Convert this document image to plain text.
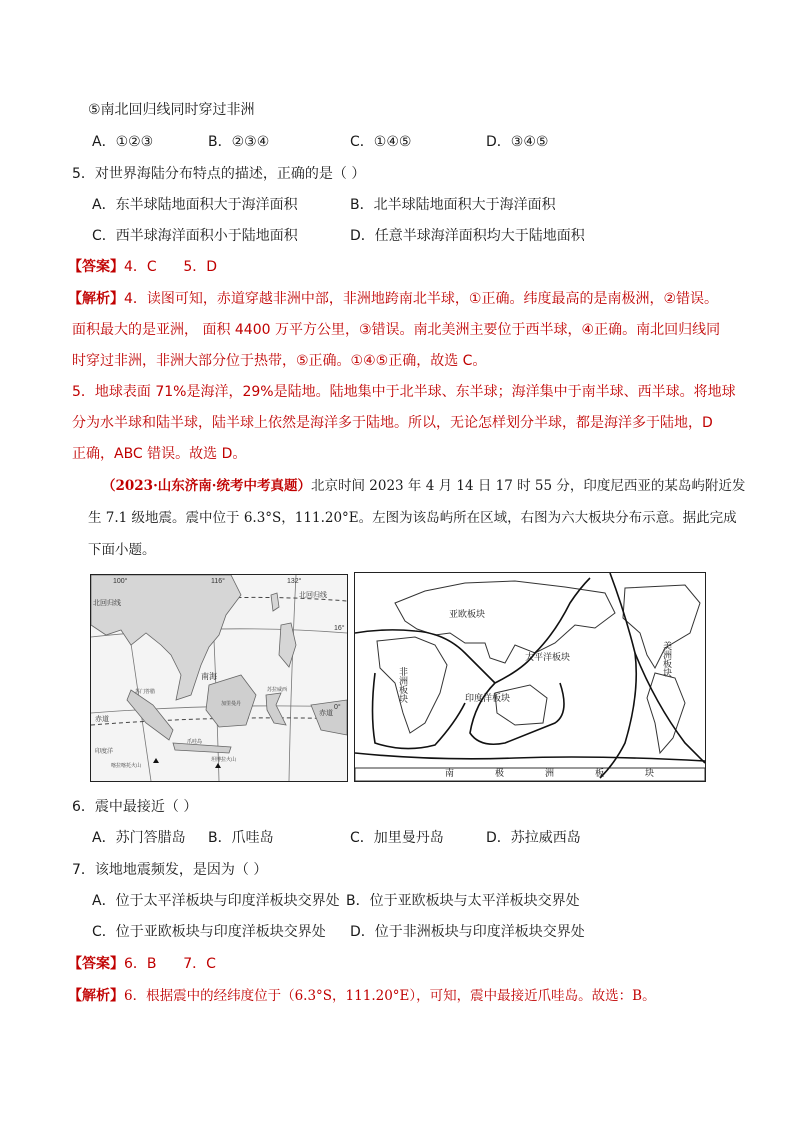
⑤南北回归线同时穿过非洲
A．①②③	B．②③④	C．①④⑤	D．③④⑤
5．对世界海陆分布特点的描述，正确的是（ ）
A．东半球陆地面积大于海洋面积	B．北半球陆地面积大于海洋面积
C．西半球海洋面积小于陆地面积	D．任意半球海洋面积均大于陆地面积
【答案】4．C      5．D
【解析】4．读图可知，赤道穿越非洲中部，非洲地跨南北半球，①正确。纬度最高的是南极洲，②错误。
面积最大的是亚洲， 面积 4400 万平方公里，③错误。南北美洲主要位于西半球，④正确。南北回归线同
时穿过非洲，非洲大部分位于热带，⑤正确。①④⑤正确，故选 C。
5．地球表面 71%是海洋，29%是陆地。陆地集中于北半球、东半球；海洋集中于南半球、西半球。将地球
分为水半球和陆半球，陆半球上依然是海洋多于陆地。所以，无论怎样划分半球，都是海洋多于陆地，D
正确，ABC 错误。故选 D。
（2023·山东济南·统考中考真题）北京时间 2023 年 4 月 14 日 17 时 55 分，印度尼西亚的某岛屿附近发
生 7.1 级地震。震中位于 6.3°S，111.20°E。左图为该岛屿所在区域，右图为六大板块分布示意。据此完成
下面小题。
100°	116°	132°
16°
0°
北回归线
北回归线
南海
赤道
赤道
印度洋
苏门答腊
加里曼丹
苏拉威西
爪哇岛
喀拉喀托火山
坦博拉火山
亚欧板块
太平洋板块
印度洋板块
美洲板块
非洲板块
南	极	洲	板	块
6．震中最接近（ ）
A．苏门答腊岛 B．爪哇岛	C．加里曼丹岛	D．苏拉威西岛
7．该地地震频发，是因为（ ）
A．位于太平洋板块与印度洋板块交界处 B．位于亚欧板块与太平洋板块交界处
C．位于亚欧板块与印度洋板块交界处 D．位于非洲板块与印度洋板块交界处
【答案】6．B      7．C
【解析】6．根据震中的经纬度位于（6.3°S，111.20°E），可知，震中最接近爪哇岛。故选：B。
